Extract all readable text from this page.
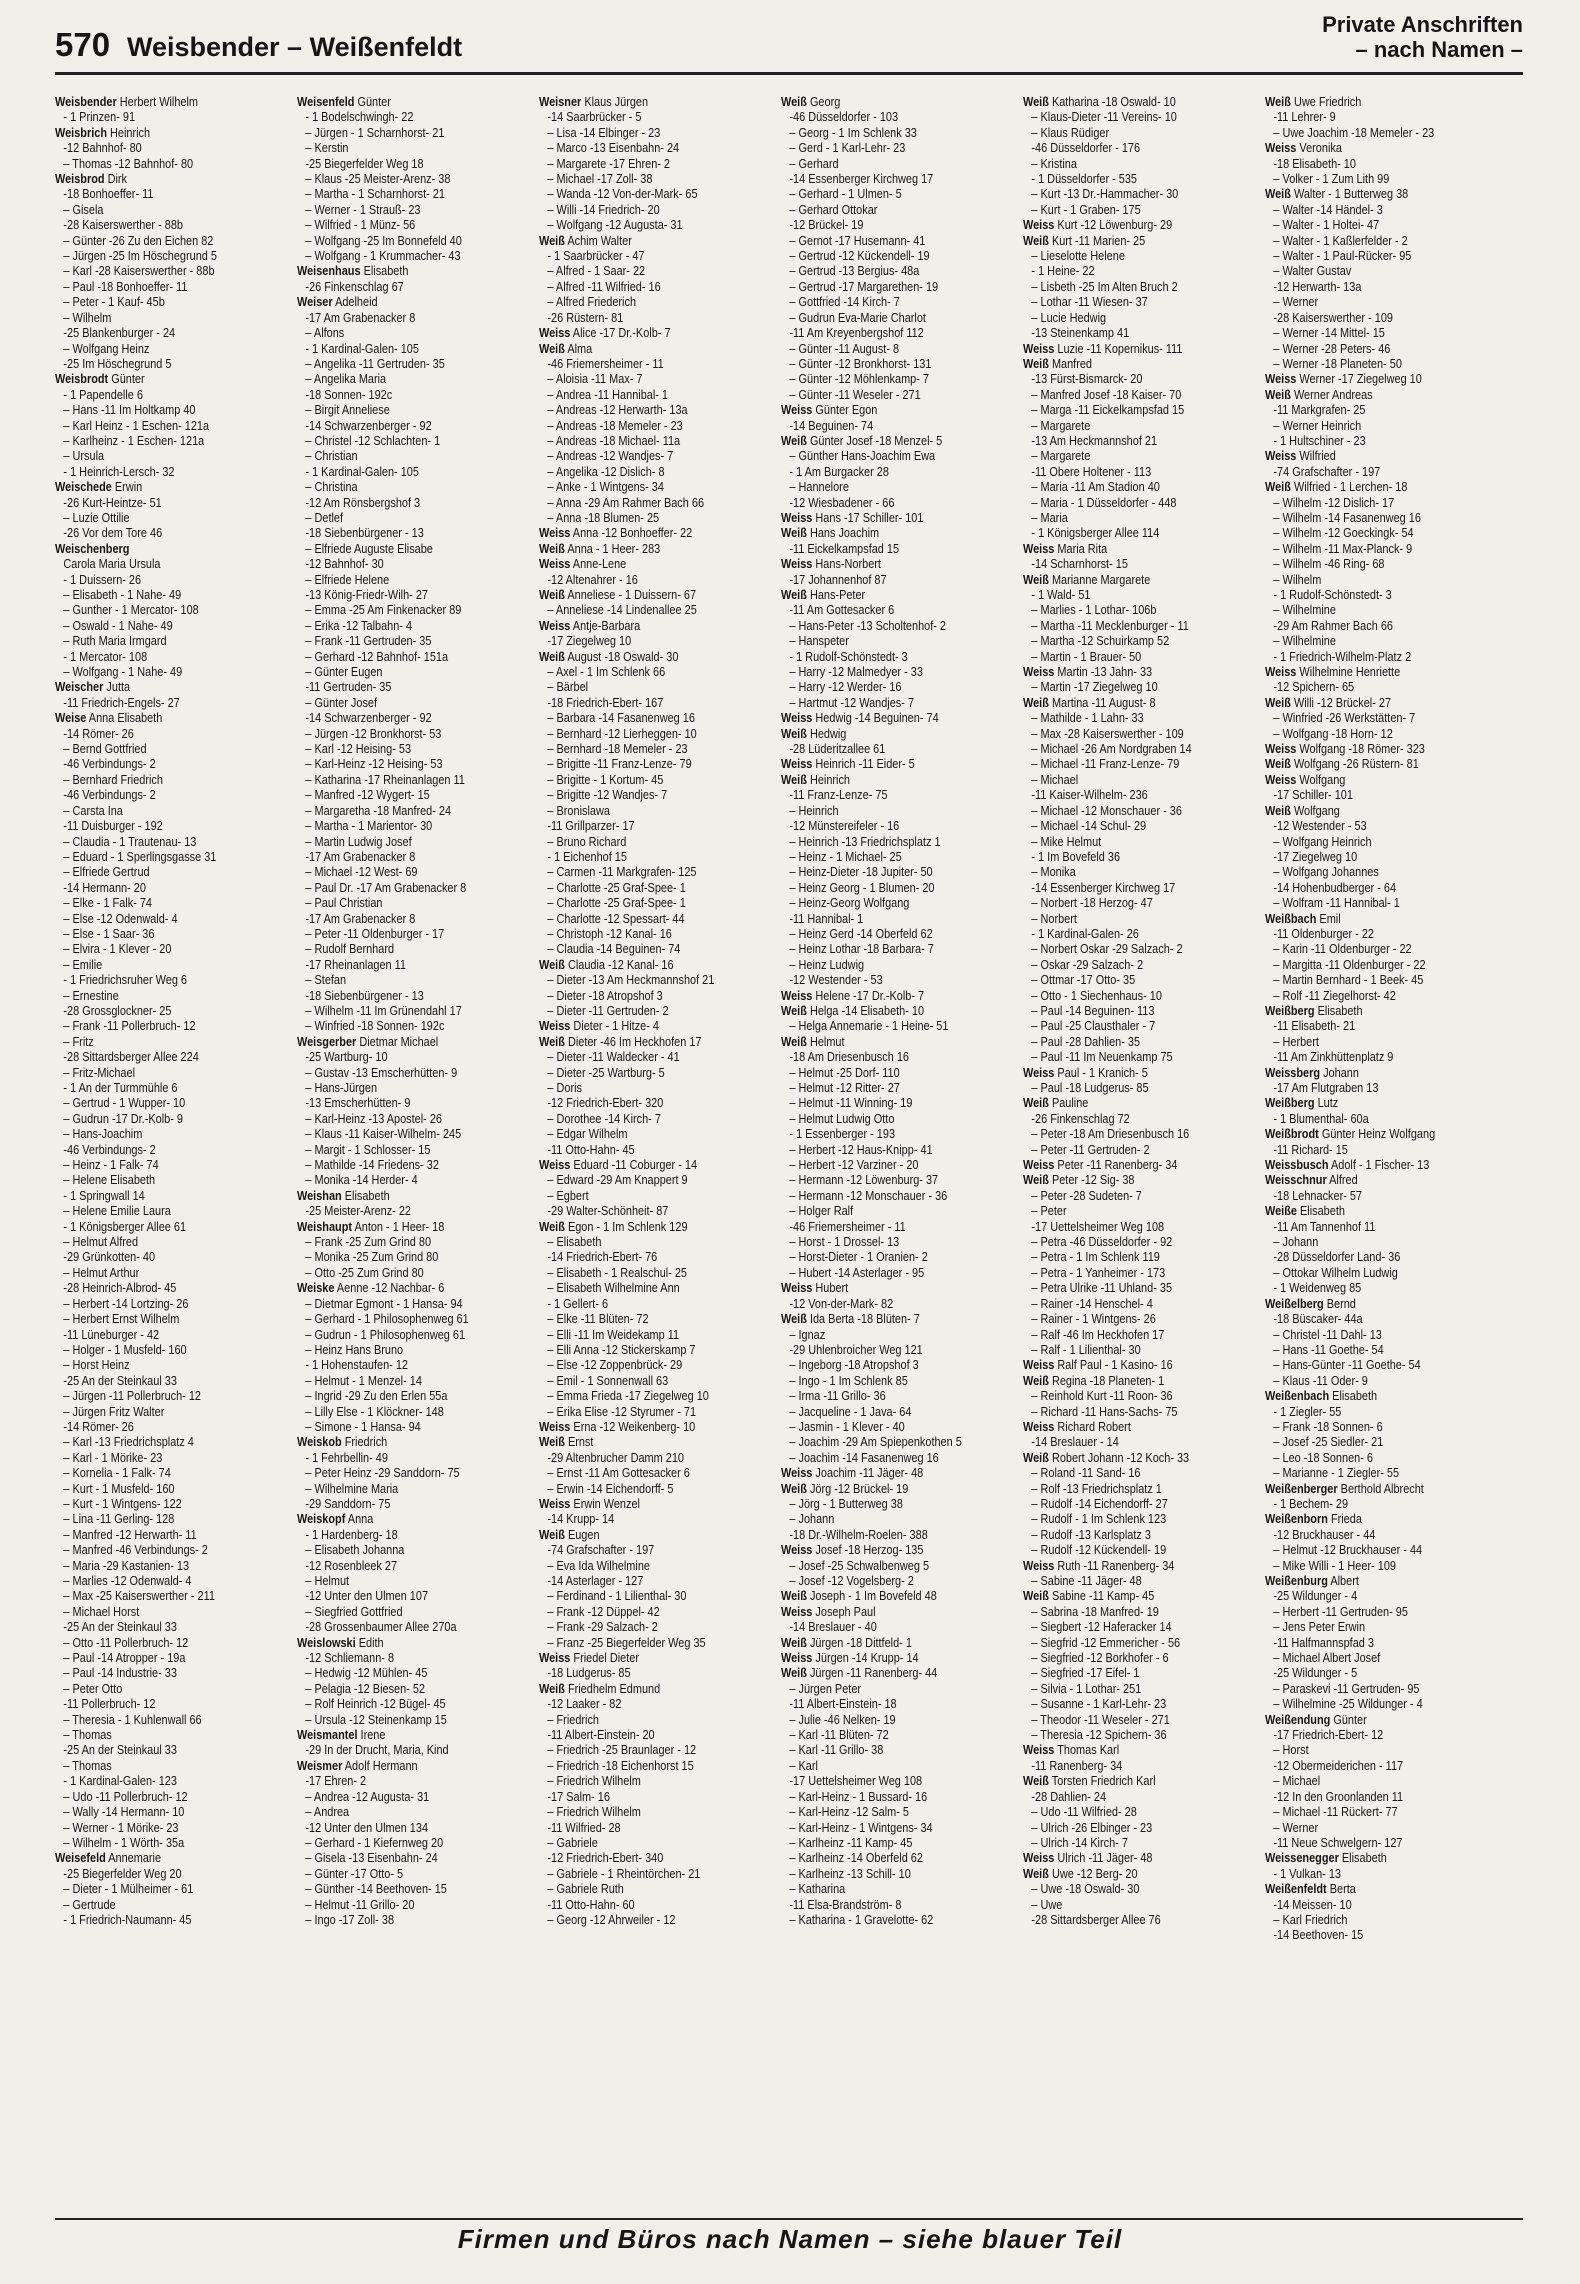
570 Weisbender – Weißenfeldt
Private Anschriften
– nach Namen –
Weisbender Herbert Wilhelm
- 1 Prinzen- 91
Weisbrich Heinrich
-12 Bahnhof- 80
– Thomas -12 Bahnhof- 80
Weisbrod Dirk
-18 Bonhoeffer- 11
– Gisela
-28 Kaiserswerther - 88b
– Günter -26 Zu den Eichen 82
– Jürgen -25 Im Höschegrund 5
– Karl -28 Kaiserswerther - 88b
– Paul -18 Bonhoeffer- 11
– Peter - 1 Kauf- 45b
– Wilhelm
-25 Blankenburger - 24
– Wolfgang Heinz
-25 Im Höschegrund 5
Weisbrodt Günter
- 1 Papendelle 6
– Hans -11 Im Holtkamp 40
– Karl Heinz - 1 Eschen- 121a
– Karlheinz - 1 Eschen- 121a
– Ursula
- 1 Heinrich-Lersch- 32
Weischede Erwin
-26 Kurt-Heintze- 51
– Luzie Ottilie
-26 Vor dem Tore 46
Weischenberg
Carola Maria Ursula
- 1 Duissern- 26
– Elisabeth - 1 Nahe- 49
– Gunther - 1 Mercator- 108
– Oswald - 1 Nahe- 49
– Ruth Maria Irmgard
- 1 Mercator- 108
– Wolfgang - 1 Nahe- 49
Weischer Jutta
-11 Friedrich-Engels- 27
Weise Anna Elisabeth
-14 Römer- 26
– Bernd Gottfried
-46 Verbindungs- 2
– Bernhard Friedrich
-46 Verbindungs- 2
– Carsta Ina
-11 Duisburger - 192
– Claudia - 1 Trautenau- 13
– Eduard - 1 Sperlingsgasse 31
– Elfriede Gertrud
-14 Hermann- 20
– Elke - 1 Falk- 74
– Else -12 Odenwald- 4
– Else - 1 Saar- 36
– Elvira - 1 Klever - 20
– Emilie
- 1 Friedrichsruher Weg 6
– Ernestine
-28 Grossglockner- 25
– Frank -11 Pollerbruch- 12
– Fritz
-28 Sittardsberger Allee 224
– Fritz-Michael
- 1 An der Turmmühle 6
– Gertrud - 1 Wupper- 10
– Gudrun -17 Dr.-Kolb- 9
– Hans-Joachim
-46 Verbindungs- 2
– Heinz - 1 Falk- 74
– Helene Elisabeth
- 1 Springwall 14
– Helene Emilie Laura
- 1 Königsberger Allee 61
– Helmut Alfred
-29 Grünkotten- 40
– Helmut Arthur
-28 Heinrich-Albrod- 45
– Herbert -14 Lortzing- 26
– Herbert Ernst Wilhelm
-11 Lüneburger - 42
– Holger - 1 Musfeld- 160
– Horst Heinz
-25 An der Steinkaul 33
– Jürgen -11 Pollerbruch- 12
– Jürgen Fritz Walter
-14 Römer- 26
– Karl -13 Friedrichsplatz 4
– Karl - 1 Mörike- 23
– Kornelia - 1 Falk- 74
– Kurt - 1 Musfeld- 160
– Kurt - 1 Wintgens- 122
– Lina -11 Gerling- 128
– Manfred -12 Herwarth- 11
– Manfred -46 Verbindungs- 2
– Maria -29 Kastanien- 13
– Marlies -12 Odenwald- 4
– Max -25 Kaiserswerther - 211
– Michael Horst
-25 An der Steinkaul 33
– Otto -11 Pollerbruch- 12
– Paul -14 Atropper - 19a
– Paul -14 Industrie- 33
– Peter Otto
-11 Pollerbruch- 12
– Theresia - 1 Kuhlenwall 66
– Thomas
-25 An der Steinkaul 33
– Thomas
- 1 Kardinal-Galen- 123
– Udo -11 Pollerbruch- 12
– Wally -14 Hermann- 10
– Werner - 1 Mörike- 23
– Wilhelm - 1 Wörth- 35a
Weisefeld Annemarie
-25 Biegerfelder Weg 20
– Dieter - 1 Mülheimer - 61
– Gertrude
- 1 Friedrich-Naumann- 45
Weisenfeld Günter
- 1 Bodelschwingh- 22
– Jürgen - 1 Scharnhorst- 21
– Kerstin
-25 Biegerfelder Weg 18
– Klaus -25 Meister-Arenz- 38
– Martha - 1 Scharnhorst- 21
– Werner - 1 Strauß- 23
– Wilfried - 1 Münz- 56
– Wolfgang -25 Im Bonnefeld 40
– Wolfgang - 1 Krummacher- 43
Weisenhaus Elisabeth
-26 Finkenschlag 67
Weiser Adelheid
-17 Am Grabenacker 8
– Alfons
- 1 Kardinal-Galen- 105
– Angelika -11 Gertruden- 35
– Angelika Maria
-18 Sonnen- 192c
– Birgit Anneliese
-14 Schwarzenberger - 92
– Christel -12 Schlachten- 1
– Christian
- 1 Kardinal-Galen- 105
– Christina
-12 Am Rönsbergshof 3
– Detlef
-18 Siebenbürgener - 13
– Elfriede Auguste Elisabe
-12 Bahnhof- 30
– Elfriede Helene
-13 König-Friedr-Wilh- 27
– Emma -25 Am Finkenacker 89
– Erika -12 Talbahn- 4
– Frank -11 Gertruden- 35
– Gerhard -12 Bahnhof- 151a
– Günter Eugen
-11 Gertruden- 35
– Günter Josef
-14 Schwarzenberger - 92
– Jürgen -12 Bronkhorst- 53
– Karl -12 Heising- 53
– Karl-Heinz -12 Heising- 53
– Katharina -17 Rheinanlagen 11
– Manfred -12 Wygert- 15
– Margaretha -18 Manfred- 24
– Martha - 1 Marientor- 30
– Martin Ludwig Josef
-17 Am Grabenacker 8
– Michael -12 West- 69
– Paul Dr. -17 Am Grabenacker 8
– Paul Christian
-17 Am Grabenacker 8
– Peter -11 Oldenburger - 17
– Rudolf Bernhard
-17 Rheinanlagen 11
– Stefan
-18 Siebenbürgener - 13
– Wilhelm -11 Im Grünendahl 17
– Winfried -18 Sonnen- 192c
Weisgerber Dietmar Michael
-25 Wartburg- 10
– Gustav -13 Emscherhütten- 9
– Hans-Jürgen
-13 Emscherhütten- 9
– Karl-Heinz -13 Apostel- 26
– Klaus -11 Kaiser-Wilhelm- 245
– Margit - 1 Schlosser- 15
– Mathilde -14 Friedens- 32
– Monika -14 Herder- 4
Weishan Elisabeth
-25 Meister-Arenz- 22
Weishaupt Anton - 1 Heer- 18
– Frank -25 Zum Grind 80
– Monika -25 Zum Grind 80
– Otto -25 Zum Grind 80
Weiske Aenne -12 Nachbar- 6
– Dietmar Egmont - 1 Hansa- 94
– Gerhard - 1 Philosophenweg 61
– Gudrun - 1 Philosophenweg 61
– Heinz Hans Bruno
- 1 Hohenstaufen- 12
– Helmut - 1 Menzel- 14
– Ingrid -29 Zu den Erlen 55a
– Lilly Else - 1 Klöckner- 148
– Simone - 1 Hansa- 94
Weiskob Friedrich
- 1 Fehrbellin- 49
– Peter Heinz -29 Sanddorn- 75
– Wilhelmine Maria
-29 Sanddorn- 75
Weiskopf Anna
- 1 Hardenberg- 18
– Elisabeth Johanna
-12 Rosenbleek 27
– Helmut
-12 Unter den Ulmen 107
– Siegfried Gottfried
-28 Grossenbaumer Allee 270a
Weislowski Edith
-12 Schliemann- 8
– Hedwig -12 Mühlen- 45
– Pelagia -12 Biesen- 52
– Rolf Heinrich -12 Bügel- 45
– Ursula -12 Steinenkamp 15
Weismantel Irene
-29 In der Drucht, Maria, Kind
Weismer Adolf Hermann
-17 Ehren- 2
– Andrea -12 Augusta- 31
– Andrea
-12 Unter den Ulmen 134
– Gerhard - 1 Kiefernweg 20
– Gisela -13 Eisenbahn- 24
– Günter -17 Otto- 5
– Günther -14 Beethoven- 15
– Helmut -11 Grillo- 20
– Ingo -17 Zoll- 38
Weisner Klaus Jürgen
-14 Saarbrücker - 5
– Lisa -14 Elbinger - 23
– Marco -13 Eisenbahn- 24
– Margarete -17 Ehren- 2
– Michael -17 Zoll- 38
– Wanda -12 Von-der-Mark- 65
– Willi -14 Friedrich- 20
– Wolfgang -12 Augusta- 31
Weiß Achim Walter
- 1 Saarbrücker - 47
– Alfred - 1 Saar- 22
– Alfred -11 Wilfried- 16
– Alfred Friederich
-26 Rüstern- 81
Weiss Alice -17 Dr.-Kolb- 7
Weiß Alma
-46 Friemersheimer - 11
– Aloisia -11 Max- 7
– Andrea -11 Hannibal- 1
– Andreas -12 Herwarth- 13a
– Andreas -18 Memeler - 23
– Andreas -18 Michael- 11a
– Andreas -12 Wandjes- 7
– Angelika -12 Dislich- 8
– Anke - 1 Wintgens- 34
– Anna -29 Am Rahmer Bach 66
– Anna -18 Blumen- 25
Weiss Anna -12 Bonhoeffer- 22
Weiß Anna - 1 Heer- 283
Weiss Anne-Lene
-12 Altenahrer - 16
Weiß Anneliese - 1 Duissern- 67
– Anneliese -14 Lindenallee 25
Weiss Antje-Barbara
-17 Ziegelweg 10
Weiß August -18 Oswald- 30
– Axel - 1 Im Schlenk 66
– Bärbel
-18 Friedrich-Ebert- 167
– Barbara -14 Fasanenweg 16
– Bernhard -12 Lierheggen- 10
– Bernhard -18 Memeler - 23
– Brigitte -11 Franz-Lenze- 79
– Brigitte - 1 Kortum- 45
– Brigitte -12 Wandjes- 7
– Bronislawa
-11 Grillparzer- 17
– Bruno Richard
- 1 Eichenhof 15
– Carmen -11 Markgrafen- 125
– Charlotte -25 Graf-Spee- 1
– Charlotte -25 Graf-Spee- 1
– Charlotte -12 Spessart- 44
– Christoph -12 Kanal- 16
– Claudia -14 Beguinen- 74
Weiß Claudia -12 Kanal- 16
– Dieter -13 Am Heckmannshof 21
– Dieter -18 Atropshof 3
– Dieter -11 Gertruden- 2
Weiss Dieter - 1 Hitze- 4
Weiß Dieter -46 Im Heckhofen 17
– Dieter -11 Waldecker - 41
– Dieter -25 Wartburg- 5
– Doris
-12 Friedrich-Ebert- 320
– Dorothee -14 Kirch- 7
– Edgar Wilhelm
-11 Otto-Hahn- 45
Weiss Eduard -11 Coburger - 14
– Edward -29 Am Knappert 9
– Egbert
-29 Walter-Schönheit- 87
Weiß Egon - 1 Im Schlenk 129
– Elisabeth
-14 Friedrich-Ebert- 76
– Elisabeth - 1 Realschul- 25
– Elisabeth Wilhelmine Ann
- 1 Gellert- 6
– Elke -11 Blüten- 72
– Elli -11 Im Weidekamp 11
– Elli Anna -12 Stickerskamp 7
– Else -12 Zoppenbrück- 29
– Emil - 1 Sonnenwall 63
– Emma Frieda -17 Ziegelweg 10
– Erika Elise -12 Styrumer - 71
Weiss Erna -12 Weikenberg- 10
Weiß Ernst
-29 Altenbrucher Damm 210
– Ernst -11 Am Gottesacker 6
– Erwin -14 Eichendorff- 5
Weiss Erwin Wenzel
-14 Krupp- 14
Weiß Eugen
-74 Grafschafter - 197
– Eva Ida Wilhelmine
-14 Asterlager - 127
– Ferdinand - 1 Lilienthal- 30
– Frank -12 Düppel- 42
– Frank -29 Salzach- 2
– Franz -25 Biegerfelder Weg 35
Weiss Friedel Dieter
-18 Ludgerus- 85
Weiß Friedhelm Edmund
-12 Laaker - 82
– Friedrich
-11 Albert-Einstein- 20
– Friedrich -25 Braunlager - 12
– Friedrich -18 Eichenhorst 15
– Friedrich Wilhelm
-17 Salm- 16
– Friedrich Wilhelm
-11 Wilfried- 28
– Gabriele
-12 Friedrich-Ebert- 340
– Gabriele - 1 Rheintörchen- 21
– Gabriele Ruth
-11 Otto-Hahn- 60
– Georg -12 Ahrweiler - 12
Weiß Georg
-46 Düsseldorfer - 103
– Georg - 1 Im Schlenk 33
– Gerd - 1 Karl-Lehr- 23
– Gerhard
-14 Essenberger Kirchweg 17
– Gerhard - 1 Ulmen- 5
– Gerhard Ottokar
-12 Brückel- 19
– Gernot -17 Husemann- 41
– Gertrud -12 Kückendell- 19
– Gertrud -13 Bergius- 48a
– Gertrud -17 Margarethen- 19
– Gottfried -14 Kirch- 7
– Gudrun Eva-Marie Charlot
-11 Am Kreyenbergshof 112
– Günter -11 August- 8
– Günter -12 Bronkhorst- 131
– Günter -12 Möhlenkamp- 7
– Günter -11 Weseler - 271
Weiss Günter Egon
-14 Beguinen- 74
Weiß Günter Josef -18 Menzel- 5
– Günther Hans-Joachim Ewa
- 1 Am Burgacker 28
– Hannelore
-12 Wiesbadener - 66
Weiss Hans -17 Schiller- 101
Weiß Hans Joachim
-11 Eickelkampsfad 15
Weiss Hans-Norbert
-17 Johannenhof 87
Weiß Hans-Peter
-11 Am Gottesacker 6
– Hans-Peter -13 Scholtenhof- 2
– Hanspeter
- 1 Rudolf-Schönstedt- 3
– Harry -12 Malmedyer - 33
– Harry -12 Werder- 16
– Hartmut -12 Wandjes- 7
Weiss Hedwig -14 Beguinen- 74
Weiß Hedwig
-28 Lüderitzallee 61
Weiss Heinrich -11 Eider- 5
Weiß Heinrich
-11 Franz-Lenze- 75
– Heinrich
-12 Münstereifeler - 16
– Heinrich -13 Friedrichsplatz 1
– Heinz - 1 Michael- 25
– Heinz-Dieter -18 Jupiter- 50
– Heinz Georg - 1 Blumen- 20
– Heinz-Georg Wolfgang
-11 Hannibal- 1
– Heinz Gerd -14 Oberfeld 62
– Heinz Lothar -18 Barbara- 7
– Heinz Ludwig
-12 Westender - 53
Weiss Helene -17 Dr.-Kolb- 7
Weiß Helga -14 Elisabeth- 10
– Helga Annemarie - 1 Heine- 51
Weiß Helmut
-18 Am Driesenbusch 16
– Helmut -25 Dorf- 110
– Helmut -12 Ritter- 27
– Helmut -11 Winning- 19
– Helmut Ludwig Otto
- 1 Essenberger - 193
– Herbert -12 Haus-Knipp- 41
– Herbert -12 Varziner - 20
– Hermann -12 Löwenburg- 37
– Hermann -12 Monschauer - 36
– Holger Ralf
-46 Friemersheimer - 11
– Horst - 1 Drossel- 13
– Horst-Dieter - 1 Oranien- 2
– Hubert -14 Asterlager - 95
Weiss Hubert
-12 Von-der-Mark- 82
Weiß Ida Berta -18 Blüten- 7
– Ignaz
-29 Uhlenbroicher Weg 121
– Ingeborg -18 Atropshof 3
– Ingo - 1 Im Schlenk 85
– Irma -11 Grillo- 36
– Jacqueline - 1 Java- 64
– Jasmin - 1 Klever - 40
– Joachim -29 Am Spiepenkothen 5
– Joachim -14 Fasanenweg 16
Weiss Joachim -11 Jäger- 48
Weiß Jörg -12 Brückel- 19
– Jörg - 1 Butterweg 38
– Johann
-18 Dr.-Wilhelm-Roelen- 388
Weiss Josef -18 Herzog- 135
– Josef -25 Schwalbenweg 5
– Josef -12 Vogelsberg- 2
Weiß Joseph - 1 Im Bovefeld 48
Weiss Joseph Paul
-14 Breslauer - 40
Weiß Jürgen -18 Dittfeld- 1
Weiss Jürgen -14 Krupp- 14
Weiß Jürgen -11 Ranenberg- 44
– Jürgen Peter
-11 Albert-Einstein- 18
– Julie -46 Nelken- 19
– Karl -11 Blüten- 72
– Karl -11 Grillo- 38
– Karl
-17 Uettelsheimer Weg 108
– Karl-Heinz - 1 Bussard- 16
– Karl-Heinz -12 Salm- 5
– Karl-Heinz - 1 Wintgens- 34
– Karlheinz -11 Kamp- 45
– Karlheinz -14 Oberfeld 62
– Karlheinz -13 Schill- 10
– Katharina
-11 Elsa-Brandström- 8
– Katharina - 1 Gravelotte- 62
Weiß Katharina -18 Oswald- 10
– Klaus-Dieter -11 Vereins- 10
– Klaus Rüdiger
-46 Düsseldorfer - 176
– Kristina
- 1 Düsseldorfer - 535
– Kurt -13 Dr.-Hammacher- 30
– Kurt - 1 Graben- 175
Weiss Kurt -12 Löwenburg- 29
Weiß Kurt -11 Marien- 25
– Lieselotte Helene
- 1 Heine- 22
– Lisbeth -25 Im Alten Bruch 2
– Lothar -11 Wiesen- 37
– Lucie Hedwig
-13 Steinenkamp 41
Weiss Luzie -11 Kopernikus- 111
Weiß Manfred
-13 Fürst-Bismarck- 20
– Manfred Josef -18 Kaiser- 70
– Marga -11 Eickelkampsfad 15
– Margarete
-13 Am Heckmannshof 21
– Margarete
-11 Obere Holtener - 113
– Maria -11 Am Stadion 40
– Maria - 1 Düsseldorfer - 448
– Maria
- 1 Königsberger Allee 114
Weiss Maria Rita
-14 Scharnhorst- 15
Weiß Marianne Margarete
- 1 Wald- 51
– Marlies - 1 Lothar- 106b
– Martha -11 Mecklenburger - 11
– Martha -12 Schuirkamp 52
– Martin - 1 Brauer- 50
Weiss Martin -13 Jahn- 33
– Martin -17 Ziegelweg 10
Weiß Martina -11 August- 8
– Mathilde - 1 Lahn- 33
– Max -28 Kaiserswerther - 109
– Michael -26 Am Nordgraben 14
– Michael -11 Franz-Lenze- 79
– Michael
-11 Kaiser-Wilhelm- 236
– Michael -12 Monschauer - 36
– Michael -14 Schul- 29
– Mike Helmut
- 1 Im Bovefeld 36
– Monika
-14 Essenberger Kirchweg 17
– Norbert -18 Herzog- 47
– Norbert
- 1 Kardinal-Galen- 26
– Norbert Oskar -29 Salzach- 2
– Oskar -29 Salzach- 2
– Ottmar -17 Otto- 35
– Otto - 1 Siechenhaus- 10
– Paul -14 Beguinen- 113
– Paul -25 Clausthaler - 7
– Paul -28 Dahlien- 35
– Paul -11 Im Neuenkamp 75
Weiss Paul - 1 Kranich- 5
– Paul -18 Ludgerus- 85
Weiß Pauline
-26 Finkenschlag 72
– Peter -18 Am Driesenbusch 16
– Peter -11 Gertruden- 2
Weiss Peter -11 Ranenberg- 34
Weiß Peter -12 Sig- 38
– Peter -28 Sudeten- 7
– Peter
-17 Uettelsheimer Weg 108
– Petra -46 Düsseldorfer - 92
– Petra - 1 Im Schlenk 119
– Petra - 1 Yanheimer - 173
– Petra Ulrike -11 Uhland- 35
– Rainer -14 Henschel- 4
– Rainer - 1 Wintgens- 26
– Ralf -46 Im Heckhofen 17
– Ralf - 1 Lilienthal- 30
Weiss Ralf Paul - 1 Kasino- 16
Weiß Regina -18 Planeten- 1
– Reinhold Kurt -11 Roon- 36
– Richard -11 Hans-Sachs- 75
Weiss Richard Robert
-14 Breslauer - 14
Weiß Robert Johann -12 Koch- 33
– Roland -11 Sand- 16
– Rolf -13 Friedrichsplatz 1
– Rudolf -14 Eichendorff- 27
– Rudolf - 1 Im Schlenk 123
– Rudolf -13 Karlsplatz 3
– Rudolf -12 Kückendell- 19
Weiss Ruth -11 Ranenberg- 34
– Sabine -11 Jäger- 48
Weiß Sabine -11 Kamp- 45
– Sabrina -18 Manfred- 19
– Siegbert -12 Haferacker 14
– Siegfrid -12 Emmericher - 56
– Siegfried -12 Borkhofer - 6
– Siegfried -17 Eifel- 1
– Silvia - 1 Lothar- 251
– Susanne - 1 Karl-Lehr- 23
– Theodor -11 Weseler - 271
– Theresia -12 Spichern- 36
Weiss Thomas Karl
-11 Ranenberg- 34
Weiß Torsten Friedrich Karl
-28 Dahlien- 24
– Udo -11 Wilfried- 28
– Ulrich -26 Elbinger - 23
– Ulrich -14 Kirch- 7
Weiss Ulrich -11 Jäger- 48
Weiß Uwe -12 Berg- 20
– Uwe -18 Oswald- 30
– Uwe
-28 Sittardsberger Allee 76
Weiß Uwe Friedrich
-11 Lehrer- 9
– Uwe Joachim -18 Memeler - 23
Weiss Veronika
-18 Elisabeth- 10
– Volker - 1 Zum Lith 99
Weiß Walter - 1 Butterweg 38
– Walter -14 Händel- 3
– Walter - 1 Holtei- 47
– Walter - 1 Kaßlerfelder - 2
– Walter - 1 Paul-Rücker- 95
– Walter Gustav
-12 Herwarth- 13a
– Werner
-28 Kaiserswerther - 109
– Werner -14 Mittel- 15
– Werner -28 Peters- 46
– Werner -18 Planeten- 50
Weiss Werner -17 Ziegelweg 10
Weiß Werner Andreas
-11 Markgrafen- 25
– Werner Heinrich
- 1 Hultschiner - 23
Weiss Wilfried
-74 Grafschafter - 197
Weiß Wilfried - 1 Lerchen- 18
– Wilhelm -12 Dislich- 17
– Wilhelm -14 Fasanenweg 16
– Wilhelm -12 Goeckingk- 54
– Wilhelm -11 Max-Planck- 9
– Wilhelm -46 Ring- 68
– Wilhelm
- 1 Rudolf-Schönstedt- 3
– Wilhelmine
-29 Am Rahmer Bach 66
– Wilhelmine
- 1 Friedrich-Wilhelm-Platz 2
Weiss Wilhelmine Henriette
-12 Spichern- 65
Weiß Willi -12 Brückel- 27
– Winfried -26 Werkstätten- 7
– Wolfgang -18 Horn- 12
Weiss Wolfgang -18 Römer- 323
Weiß Wolfgang -26 Rüstern- 81
Weiss Wolfgang
-17 Schiller- 101
Weiß Wolfgang
-12 Westender - 53
– Wolfgang Heinrich
-17 Ziegelweg 10
– Wolfgang Johannes
-14 Hohenbudberger - 64
– Wolfram -11 Hannibal- 1
Weißbach Emil
-11 Oldenburger - 22
– Karin -11 Oldenburger - 22
– Margitta -11 Oldenburger - 22
– Martin Bernhard - 1 Beek- 45
– Rolf -11 Ziegelhorst- 42
Weißberg Elisabeth
-11 Elisabeth- 21
– Herbert
-11 Am Zinkhüttenplatz 9
Weissberg Johann
-17 Am Flutgraben 13
Weißberg Lutz
- 1 Blumenthal- 60a
Weißbrodt Günter Heinz Wolfgang
-11 Richard- 15
Weissbusch Adolf - 1 Fischer- 13
Weisschnur Alfred
-18 Lehnacker- 57
Weiße Elisabeth
-11 Am Tannenhof 11
– Johann
-28 Düsseldorfer Land- 36
– Ottokar Wilhelm Ludwig
- 1 Weidenweg 85
Weißelberg Bernd
-18 Büscaker- 44a
– Christel -11 Dahl- 13
– Hans -11 Goethe- 54
– Hans-Günter -11 Goethe- 54
– Klaus -11 Oder- 9
Weißenbach Elisabeth
- 1 Ziegler- 55
– Frank -18 Sonnen- 6
– Josef -25 Siedler- 21
– Leo -18 Sonnen- 6
– Marianne - 1 Ziegler- 55
Weißenberger Berthold Albrecht
- 1 Bechem- 29
Weißenborn Frieda
-12 Bruckhauser - 44
– Helmut -12 Bruckhauser - 44
– Mike Willi - 1 Heer- 109
Weißenburg Albert
-25 Wildunger - 4
– Herbert -11 Gertruden- 95
– Jens Peter Erwin
-11 Halfmannspfad 3
– Michael Albert Josef
-25 Wildunger - 5
– Paraskevi -11 Gertruden- 95
– Wilhelmine -25 Wildunger - 4
Weißendung Günter
-17 Friedrich-Ebert- 12
– Horst
-12 Obermeiderichen - 117
– Michael
-12 In den Groonlanden 11
– Michael -11 Rückert- 77
– Werner
-11 Neue Schwelgern- 127
Weissenegger Elisabeth
- 1 Vulkan- 13
Weißenfeldt Berta
-14 Meissen- 10
– Karl Friedrich
-14 Beethoven- 15
Firmen und Büros nach Namen – siehe blauer Teil
